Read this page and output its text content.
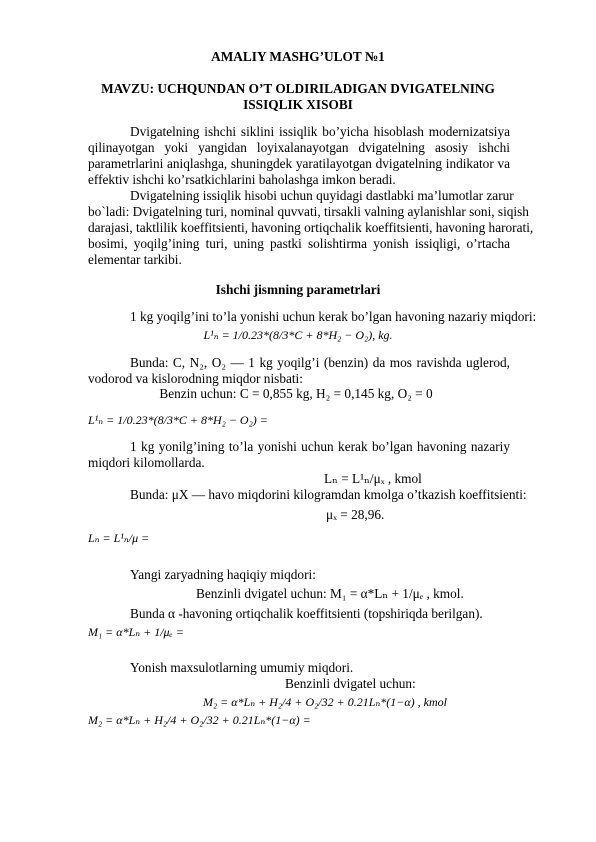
AMALIY MASHG’ULOT №1
MAVZU: UCHQUNDAN O’T OLDIRILADIGAN DVIGATELNING
ISSIQLIK XISOBI
Dvigatelning ishchi siklini issiqlik bo’yicha hisoblash modernizatsiya
qilinayotgan yoki yangidan loyixalanayotgan dvigatelning asosiy ishchi
parametrlarini aniqlashga, shuningdek yaratilayotgan dvigatelning indikator va
effektiv ishchi ko’rsatkichlarini baholashga imkon beradi.
Dvigatelning issiqlik hisobi uchun quyidagi dastlabki ma’lumotlar zarur
bo`ladi: Dvigatelning turi, nominal quvvati, tirsakli valning aylanishlar soni, siqish
darajasi, taktlilik koeffitsienti, havoning ortiqchalik koeffitsienti, havoning harorati,
bosimi, yoqilg’ining turi, uning pastki solishtirma yonish issiqligi, o’rtacha
elementar tarkibi.
Ishchi jismning parametrlari
1 kg yoqilg’ini to’la yonishi uchun kerak bo’lgan havoning nazariy miqdori:
L¹ₙ = 1/0.23*(8/3*C + 8*H₂ − O₂), kg.
Bunda: C, N₂, O₂ — 1 kg yoqilg’i (benzin) da mos ravishda uglerod,
vodorod va kislorodning miqdor nisbati:
Benzin uchun: C = 0,855 kg, H₂ = 0,145 kg, O₂ = 0
L¹ₙ = 1/0.23*(8/3*C + 8*H₂ − O₂) =
1 kg yonilg’ining to’la yonishi uchun kerak bo’lgan havoning nazariy
miqdori kilomollarda.
Lₙ = L¹ₙ/μₓ , kmol
Bunda: μX — havo miqdorini kilogramdan kmolga o’tkazish koeffitsienti:
μₓ = 28,96.
Lₙ = L¹ₙ/μ =
Yangi zaryadning haqiqiy miqdori:
Benzinli dvigatel uchun: M₁ = α*Lₙ + 1/μₑ , kmol.
Bunda α -havoning ortiqchalik koeffitsienti (topshiriqda berilgan).
M₁ = α*Lₙ + 1/μₑ =
Yonish maxsulotlarning umumiy miqdori.
Benzinli dvigatel uchun:
M₂ = α*Lₙ + H₂/4 + O₂/32 + 0.21Lₙ*(1−α) , kmol
M₂ = α*Lₙ + H₂/4 + O₂/32 + 0.21Lₙ*(1−α) =
